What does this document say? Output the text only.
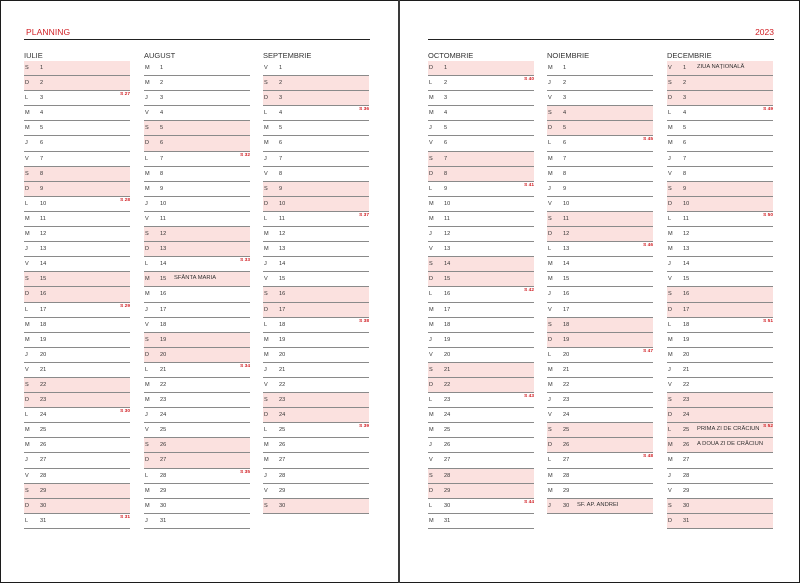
PLANNING	2023
IULIE
S 1
D 2
L 3
S 27
M 4
M 5
J 6
V 7
S 8
D 9
L 10
S 28
M 11
M 12
J 13
V 14
S 15
D 16
L 17
S 29
M 18
M 19
J 20
V 21
S 22
D 23
L 24
S 30
M 25
M 26
J 27
V 28
S 29
D 30
L 31
S 31
AUGUST
M 1
M 2
J 3
V 4
S 5
D 6
L 7
S 32
M 8
M 9
J 10
V 11
S 12
D 13
L 14
S 33
M 15 SFÂNTA MARIA
M 16
J 17
V 18
S 19
D 20
L 21
S 34
M 22
M 23
J 24
V 25
S 26
D 27
L 28
S 35
M 29
M 30
J 31
SEPTEMBRIE
V 1
S 2
D 3
L 4
S 36
M 5
M 6
J 7
V 8
S 9
D 10
L 11
S 37
M 12
M 13
J 14
V 15
S 16
D 17
L 18
S 38
M 19
M 20
J 21
V 22
S 23
D 24
L 25
S 39
M 26
M 27
J 28
V 29
S 30
OCTOMBRIE
D 1
L 2
S 40
M 3
M 4
J 5
V 6
S 7
D 8
L 9
S 41
M 10
M 11
J 12
V 13
S 14
D 15
L 16
S 42
M 17
M 18
J 19
V 20
S 21
D 22
L 23
S 43
M 24
M 25
J 26
V 27
S 28
D 29
L 30
S 44
M 31
NOIEMBRIE
M 1
J 2
V 3
S 4
D 5
L 6
S 45
M 7
M 8
J 9
V 10
S 11
D 12
L 13
S 46
M 14
M 15
J 16
V 17
S 18
D 19
L 20
S 47
M 21
M 22
J 23
V 24
S 25
D 26
L 27
S 48
M 28
M 29
J 30 SF. AP. ANDREI
DECEMBRIE
V 1 ZIUA NAȚIONALĂ
S 2
D 3
L 4
S 49
M 5
M 6
J 7
V 8
S 9
D 10
L 11
S 50
M 12
M 13
J 14
V 15
S 16
D 17
L 18
S 51
M 19
M 20
J 21
V 22
S 23
D 24
L 25 PRIMA ZI DE CRĂCIUN S 52
M 26 A DOUA ZI DE CRĂCIUN
M 27
J 28
V 29
S 30
D 31
